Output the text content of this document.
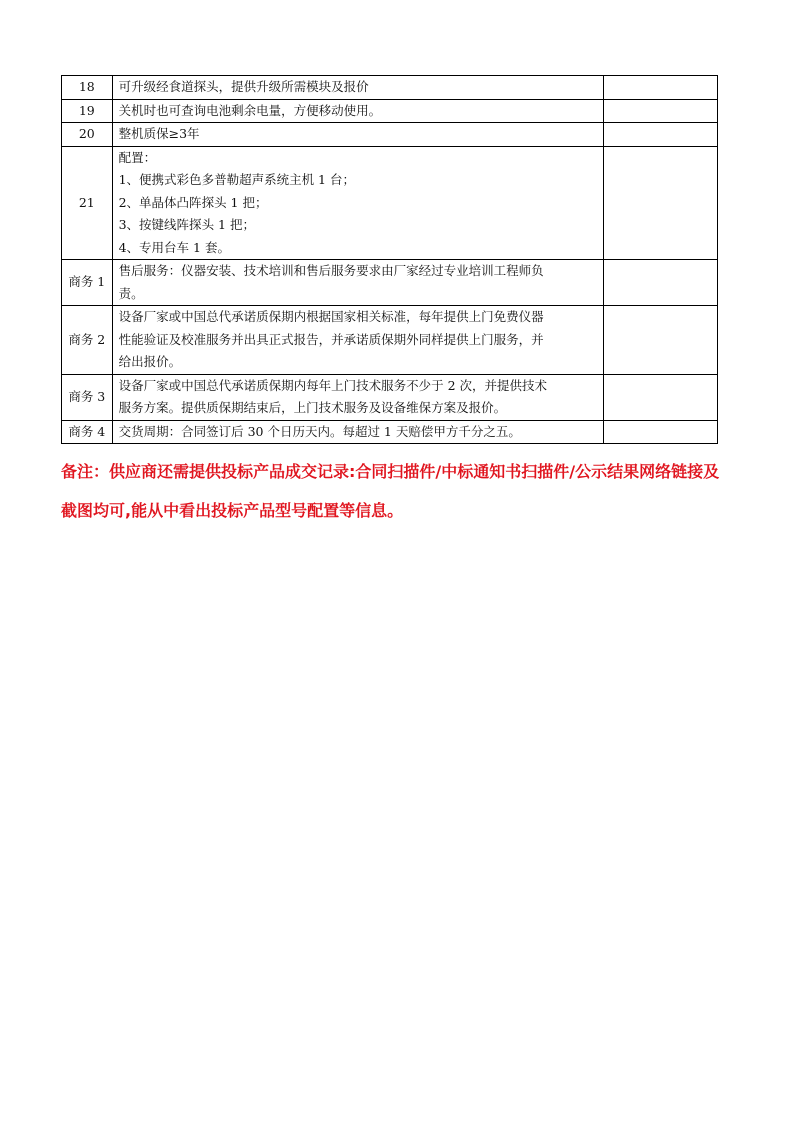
18	可升级经食道探头，提供升级所需模块及报价	

19	关机时也可查询电池剩余电量，方便移动使用。	

20	整机质保≥3年	

21	配置：
1、便携式彩色多普勒超声系统主机 1 台；
2、单晶体凸阵探头 1 把；
3、按键线阵探头 1 把；
4、专用台车 1 套。	

商务 1	售后服务：仪器安装、技术培训和售后服务要求由厂家经过专业培训工程师负
责。	

商务 2	设备厂家或中国总代承诺质保期内根据国家相关标准，每年提供上门免费仪器
性能验证及校准服务并出具正式报告，并承诺质保期外同样提供上门服务，并
给出报价。	

商务 3	设备厂家或中国总代承诺质保期内每年上门技术服务不少于 2 次，并提供技术
服务方案。提供质保期结束后，上门技术服务及设备维保方案及报价。	

商务 4	交货周期：合同签订后 30 个日历天内。每超过 1 天赔偿甲方千分之五。	

备注：供应商还需提供投标产品成交记录:合同扫描件/中标通知书扫描件/公示结果网络链接及截图均可,能从中看出投标产品型号配置等信息。
